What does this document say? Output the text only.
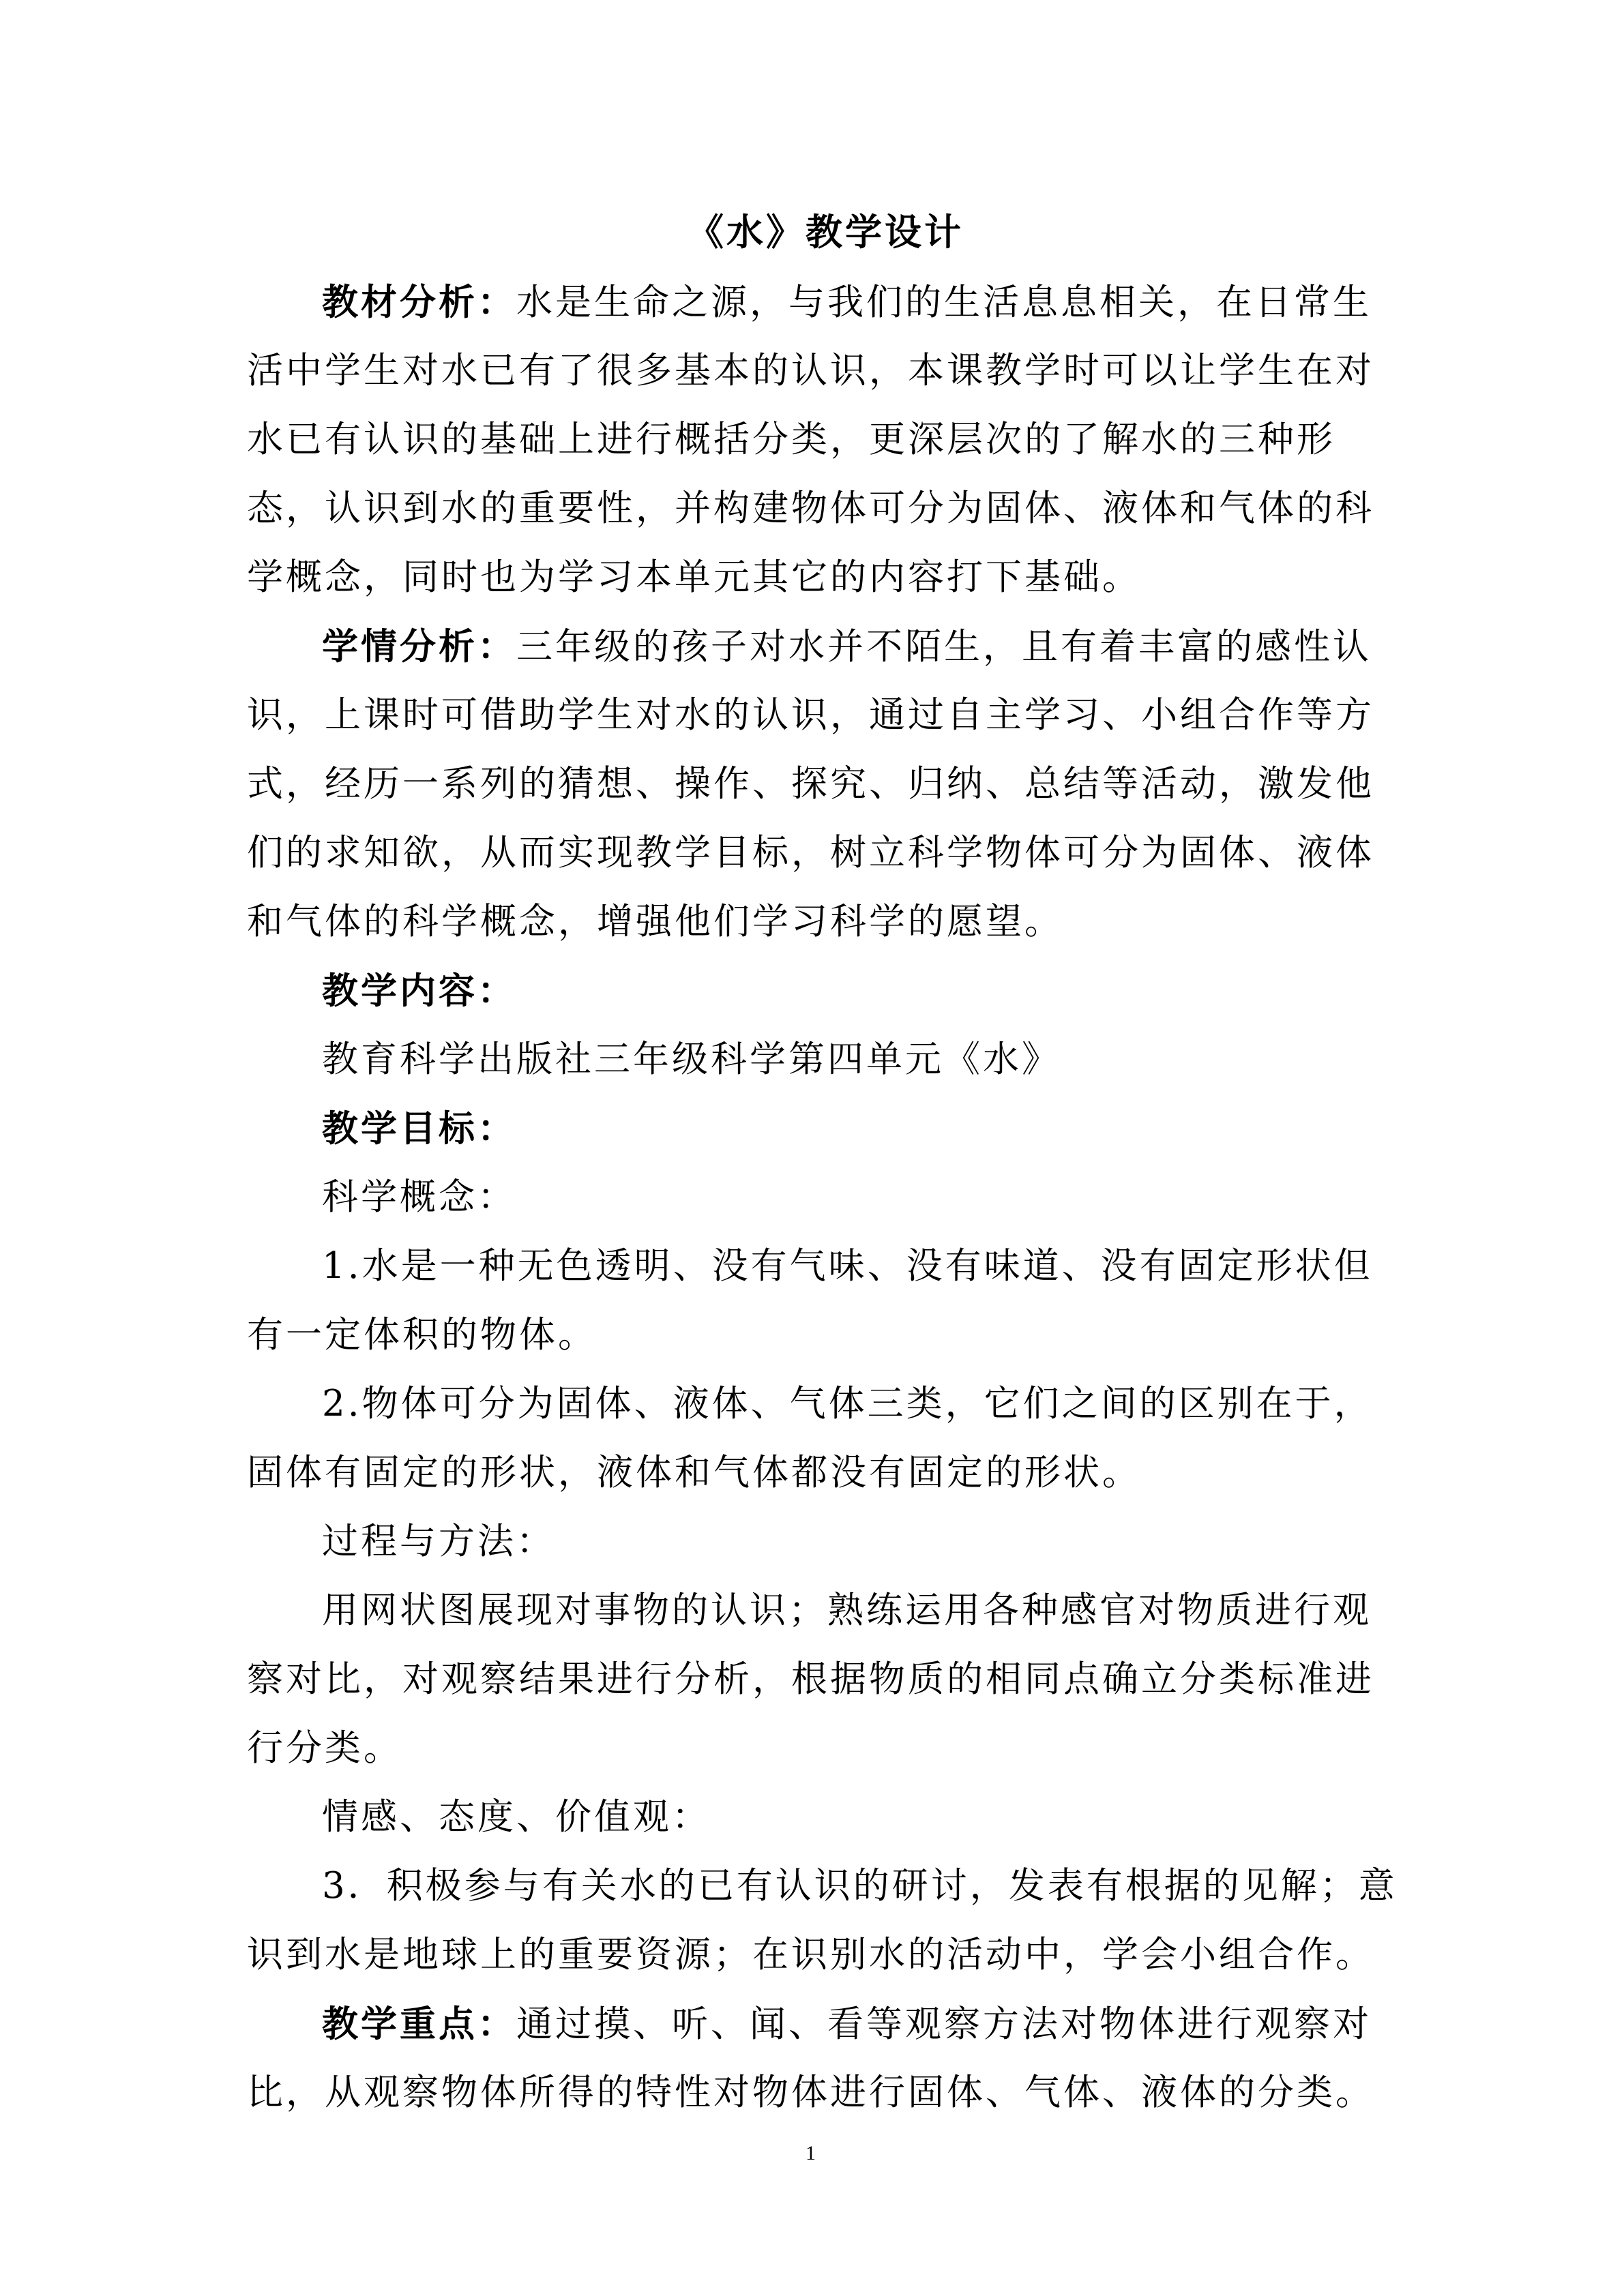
《水》教学设计
教材分析：水是生命之源，与我们的生活息息相关，在日常生
活中学生对水已有了很多基本的认识，本课教学时可以让学生在对
水已有认识的基础上进行概括分类，更深层次的了解水的三种形
态，认识到水的重要性，并构建物体可分为固体、液体和气体的科
学概念，同时也为学习本单元其它的内容打下基础。
学情分析：三年级的孩子对水并不陌生，且有着丰富的感性认
识，上课时可借助学生对水的认识，通过自主学习、小组合作等方
式，经历一系列的猜想、操作、探究、归纳、总结等活动，激发他
们的求知欲，从而实现教学目标，树立科学物体可分为固体、液体
和气体的科学概念，增强他们学习科学的愿望。
教学内容：
教育科学出版社三年级科学第四单元《水》
教学目标：
科学概念：
1.水是一种无色透明、没有气味、没有味道、没有固定形状但
有一定体积的物体。
2.物体可分为固体、液体、气体三类，它们之间的区别在于，
固体有固定的形状，液体和气体都没有固定的形状。
过程与方法：
用网状图展现对事物的认识；熟练运用各种感官对物质进行观
察对比，对观察结果进行分析，根据物质的相同点确立分类标准进
行分类。
情感、态度、价值观：
3．积极参与有关水的已有认识的研讨，发表有根据的见解；意
识到水是地球上的重要资源；在识别水的活动中，学会小组合作。
教学重点：通过摸、听、闻、看等观察方法对物体进行观察对
比，从观察物体所得的特性对物体进行固体、气体、液体的分类。
1
